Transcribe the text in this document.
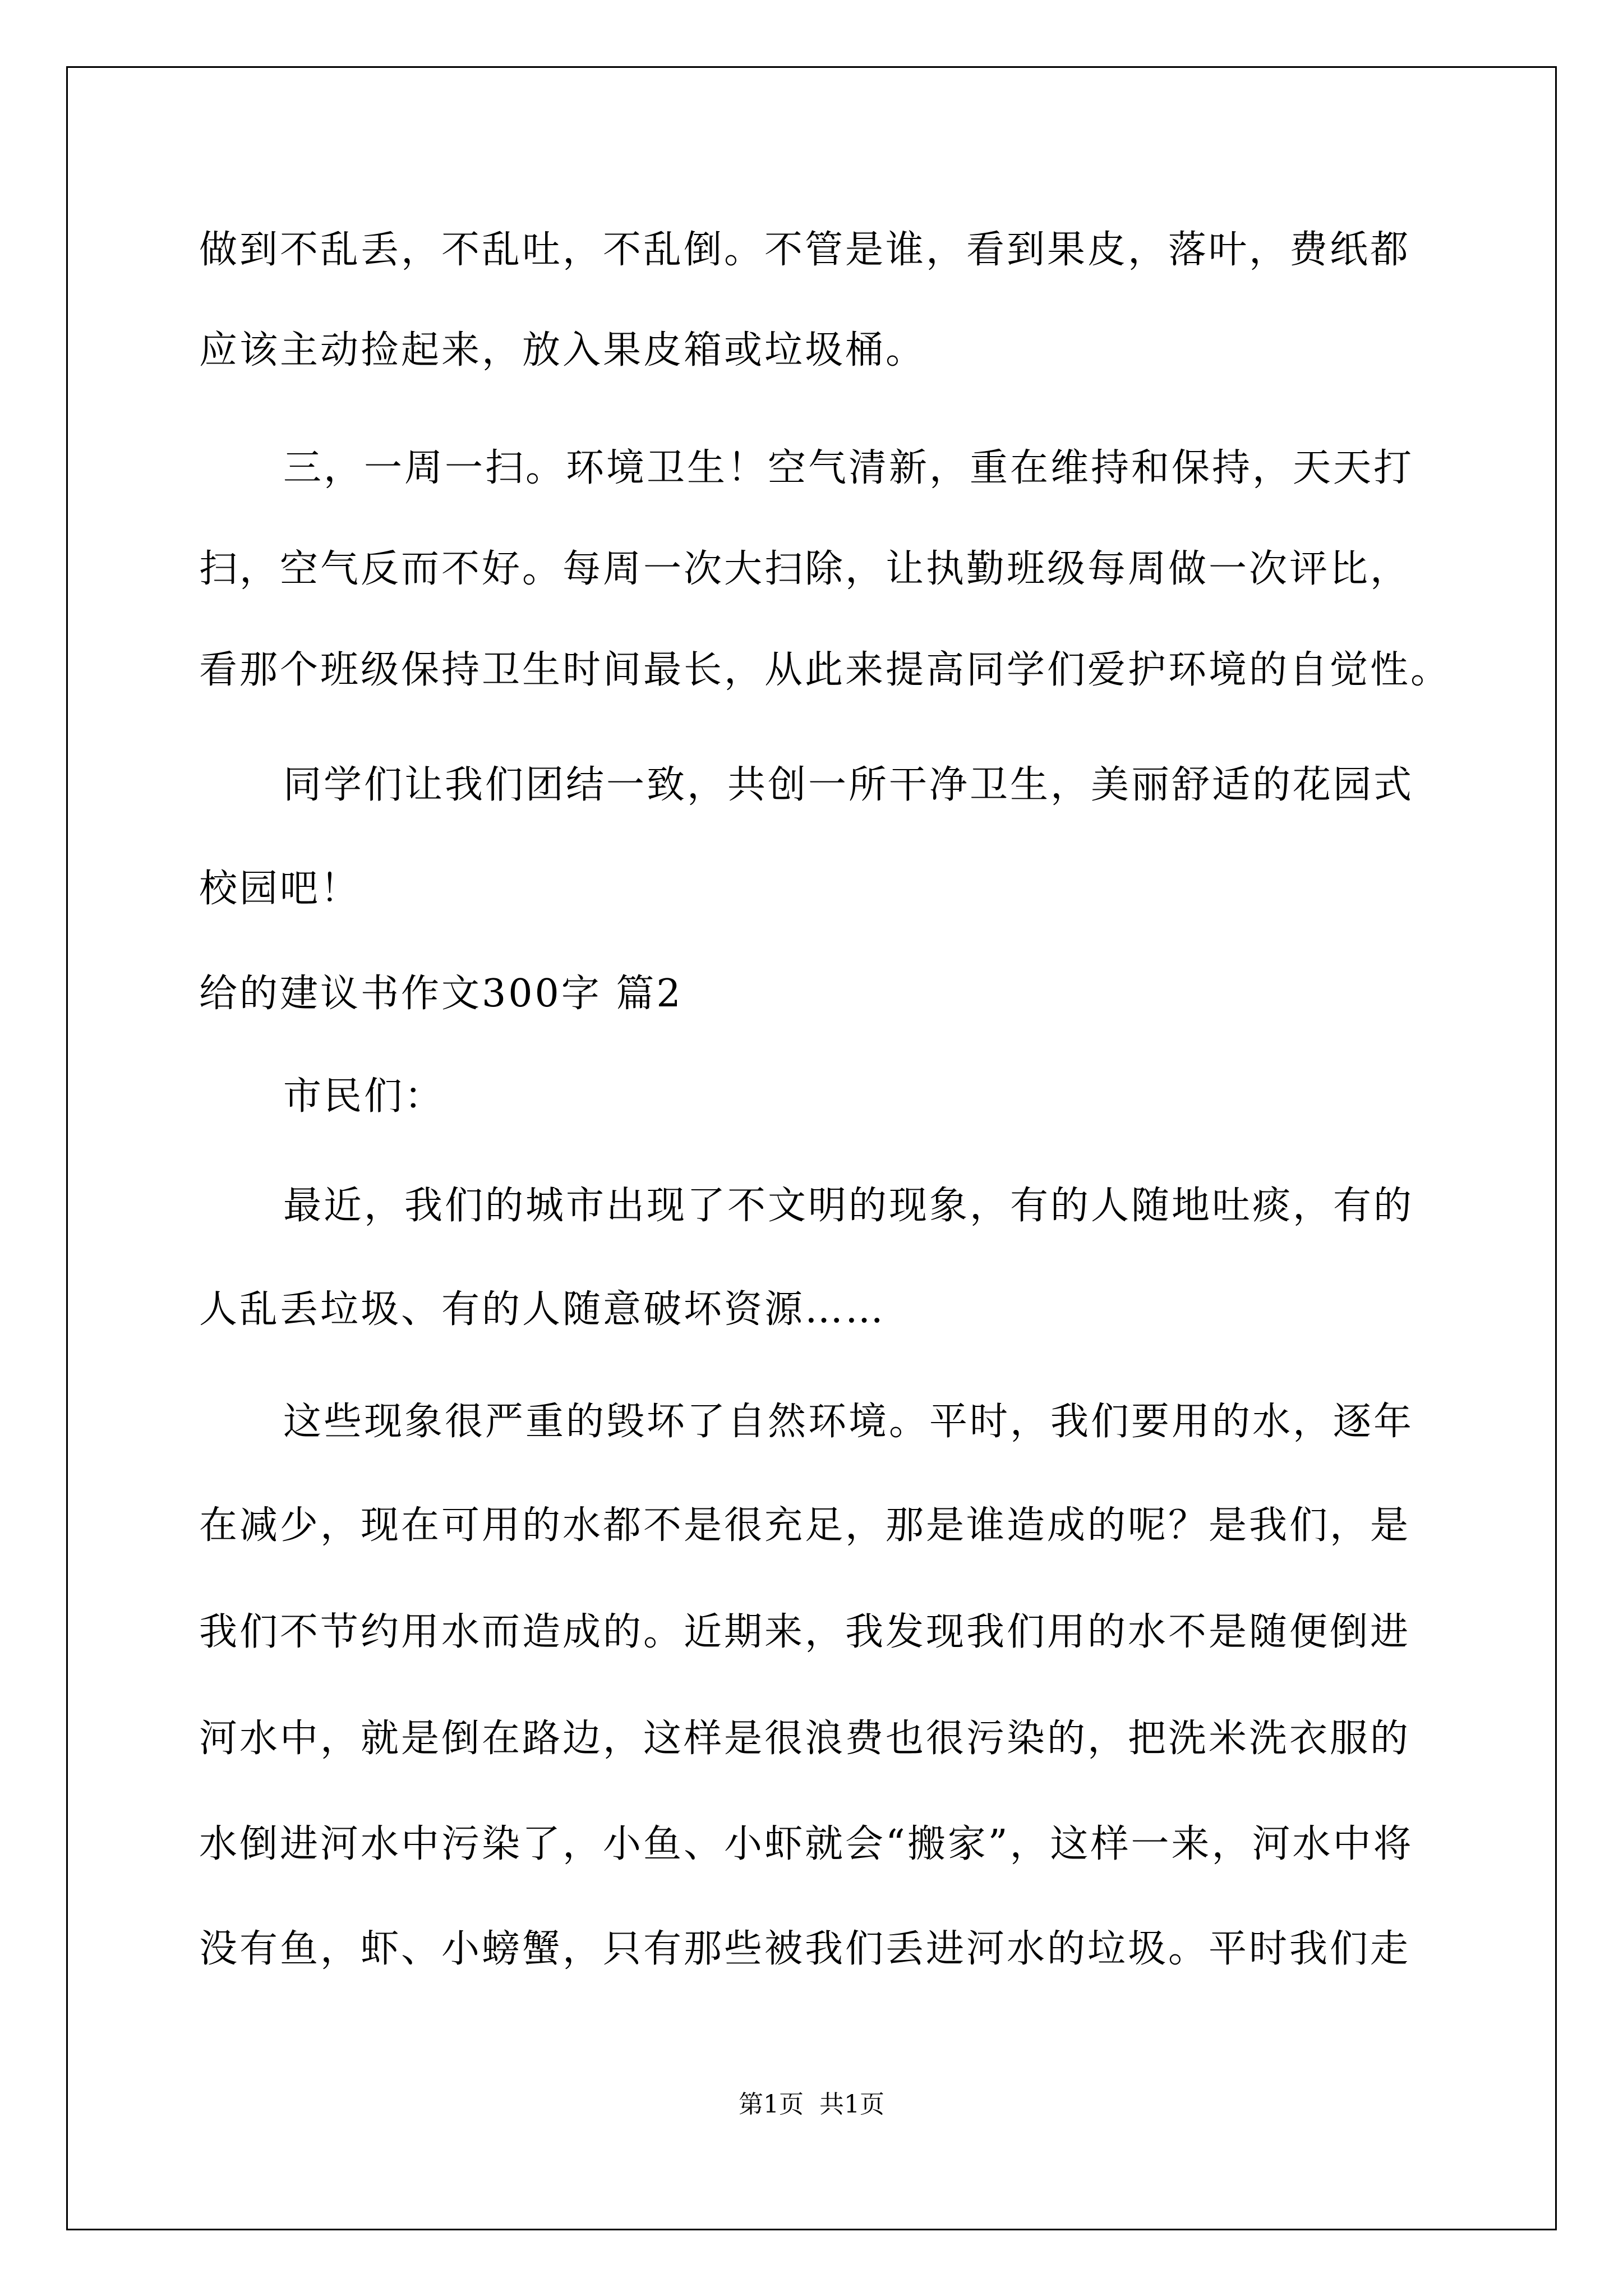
做到不乱丢，不乱吐，不乱倒。不管是谁，看到果皮，落叶，费纸都
应该主动捡起来，放入果皮箱或垃圾桶。
三，一周一扫。环境卫生！空气清新，重在维持和保持，天天打
扫，空气反而不好。每周一次大扫除，让执勤班级每周做一次评比，
看那个班级保持卫生时间最长，从此来提高同学们爱护环境的自觉性。
同学们让我们团结一致，共创一所干净卫生，美丽舒适的花园式
校园吧！
给的建议书作文300字 篇2
市民们：
最近，我们的城市出现了不文明的现象，有的人随地吐痰，有的
人乱丢垃圾、有的人随意破坏资源……
这些现象很严重的毁坏了自然环境。平时，我们要用的水，逐年
在减少，现在可用的水都不是很充足，那是谁造成的呢？是我们，是
我们不节约用水而造成的。近期来，我发现我们用的水不是随便倒进
河水中，就是倒在路边，这样是很浪费也很污染的，把洗米洗衣服的
水倒进河水中污染了，小鱼、小虾就会“搬家”，这样一来，河水中将
没有鱼，虾、小螃蟹，只有那些被我们丢进河水的垃圾。平时我们走
第1页 共1页
